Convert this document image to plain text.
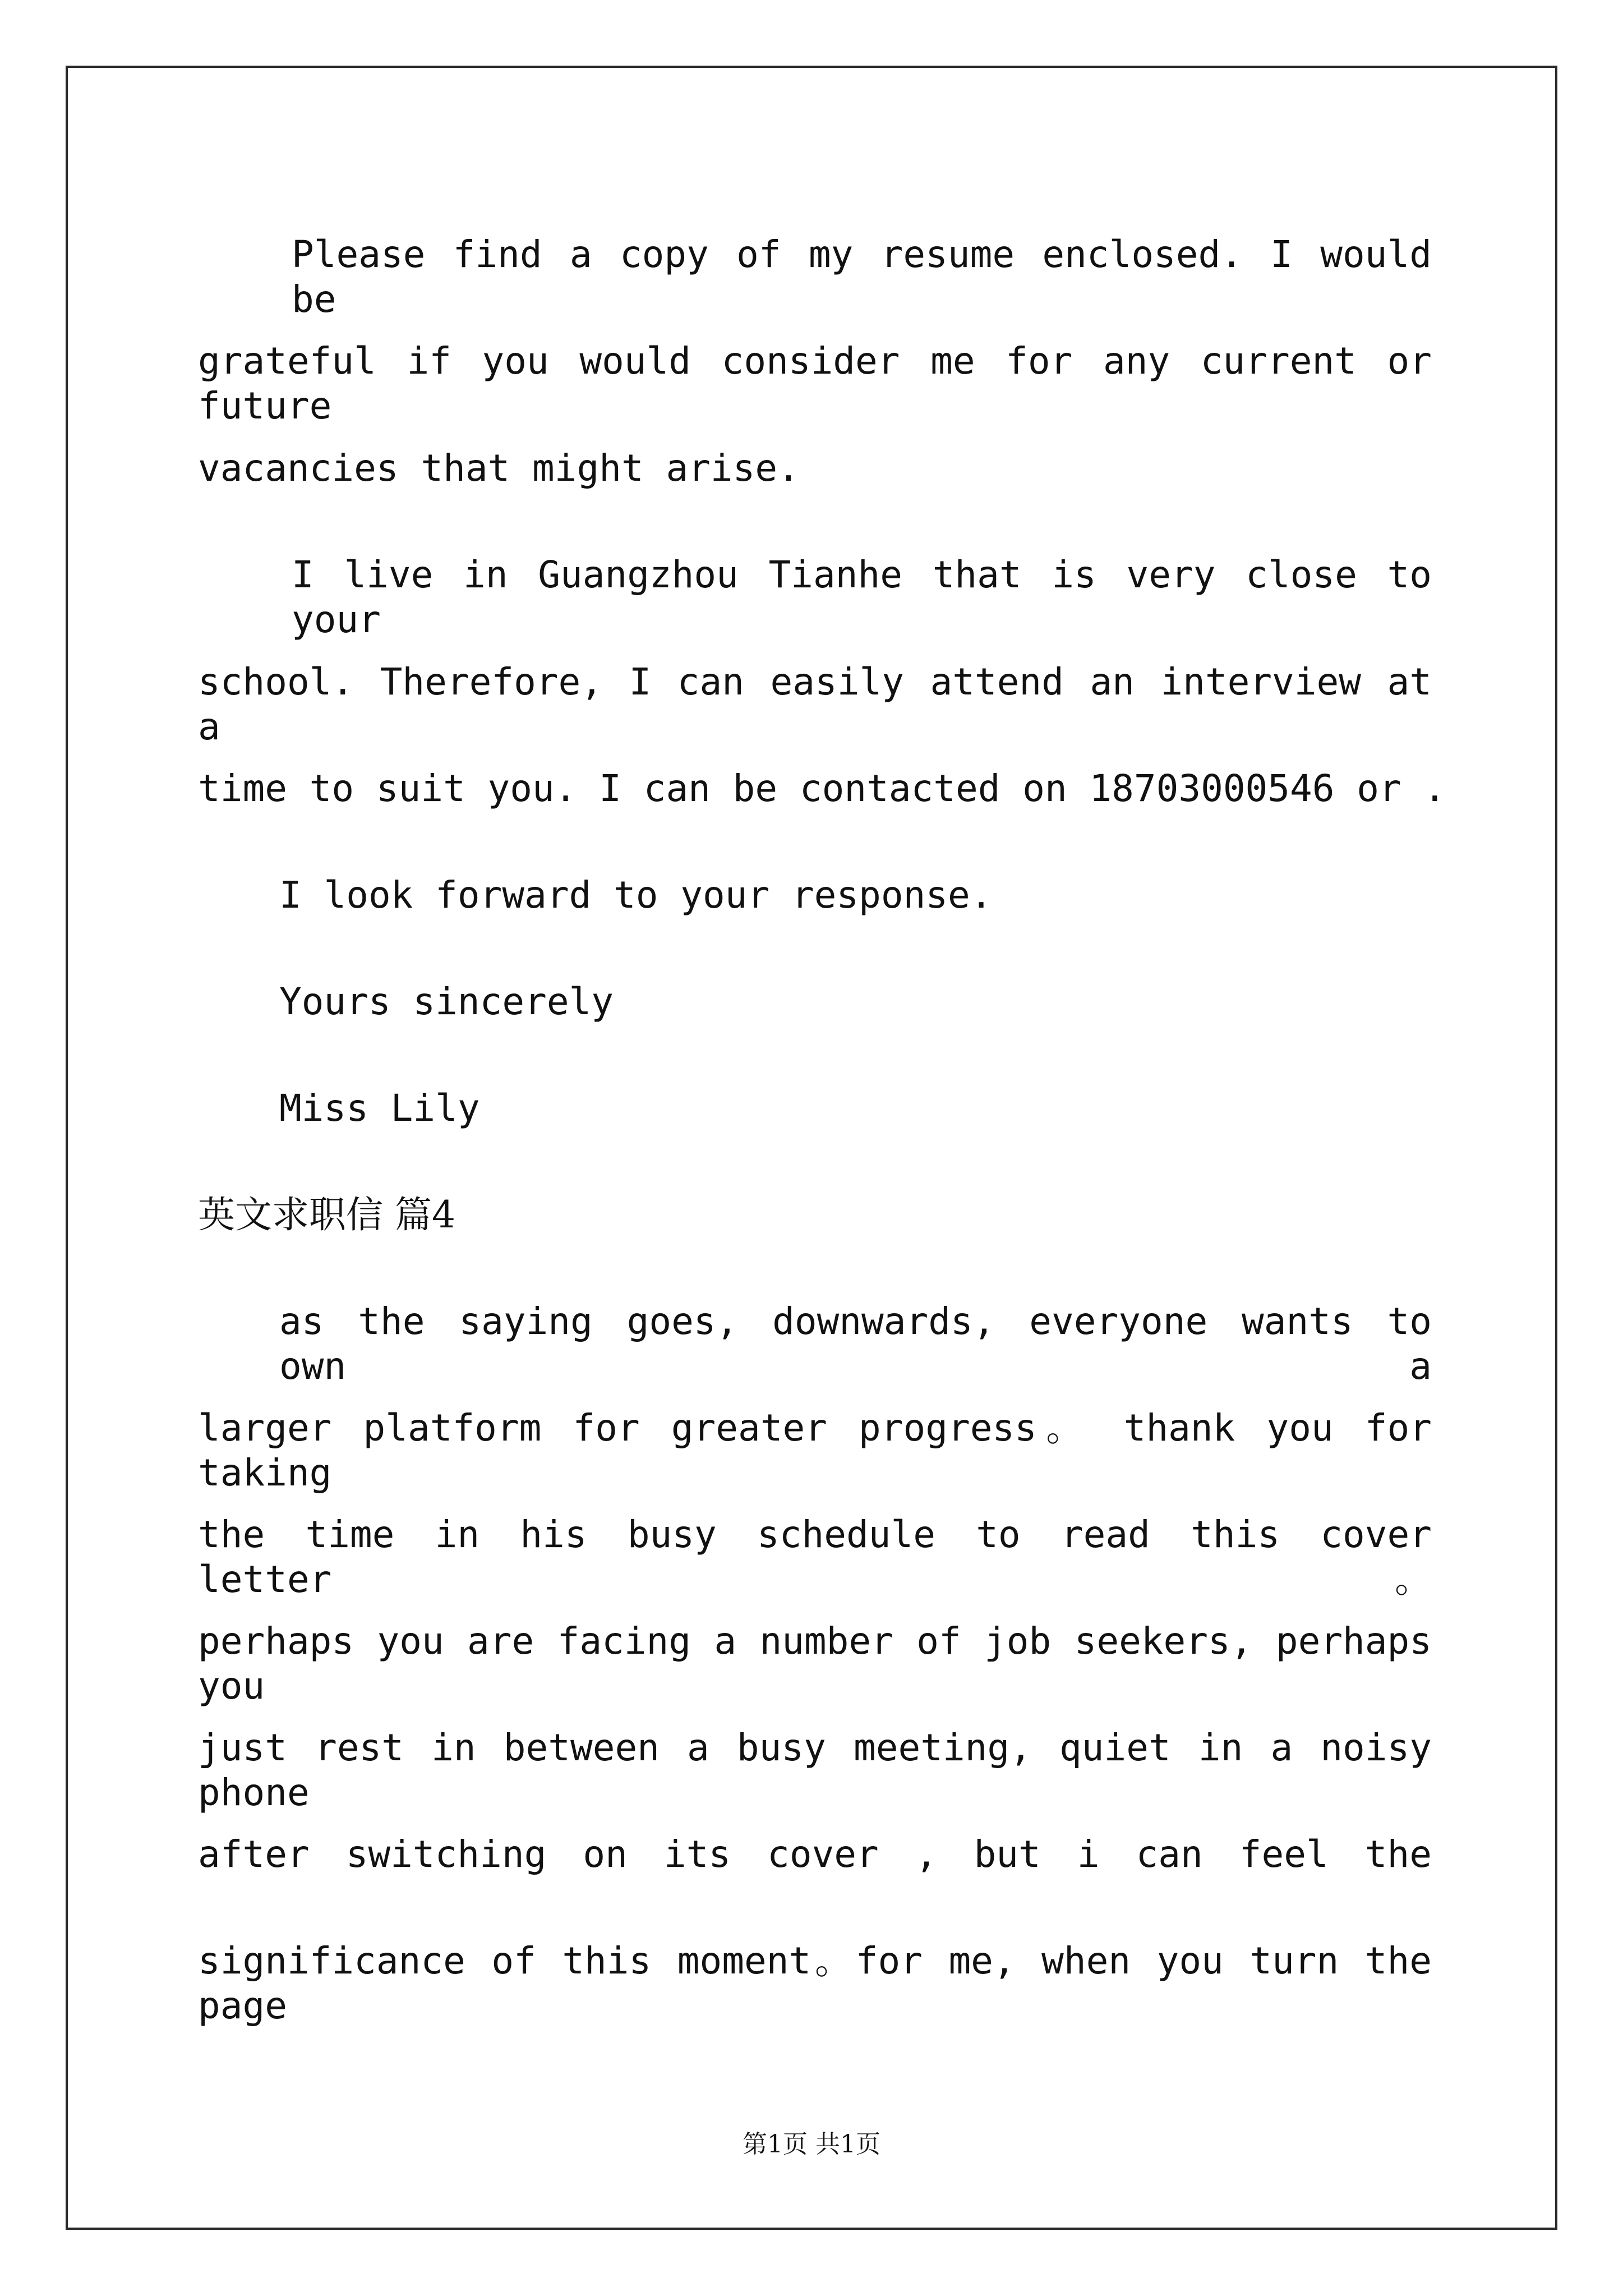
Please find a copy of my resume enclosed. I would be
grateful if you would consider me for any current or future
vacancies that might arise.
I live in Guangzhou Tianhe that is very close to your
school. Therefore, I can easily attend an interview at a
time to suit you. I can be contacted on 18703000546 or .
I look forward to your response.
Yours sincerely
Miss Lily
英文求职信 篇4
as the saying goes, downwards, everyone wants to own a
larger platform for greater progress。 thank you for taking
the time in his busy schedule to read this cover letter。
perhaps you are facing a number of job seekers, perhaps you
just rest in between a busy meeting, quiet in a noisy phone
after switching on its cover , but i can feel the
significance of this moment。for me, when you turn the page
第1页 共1页
